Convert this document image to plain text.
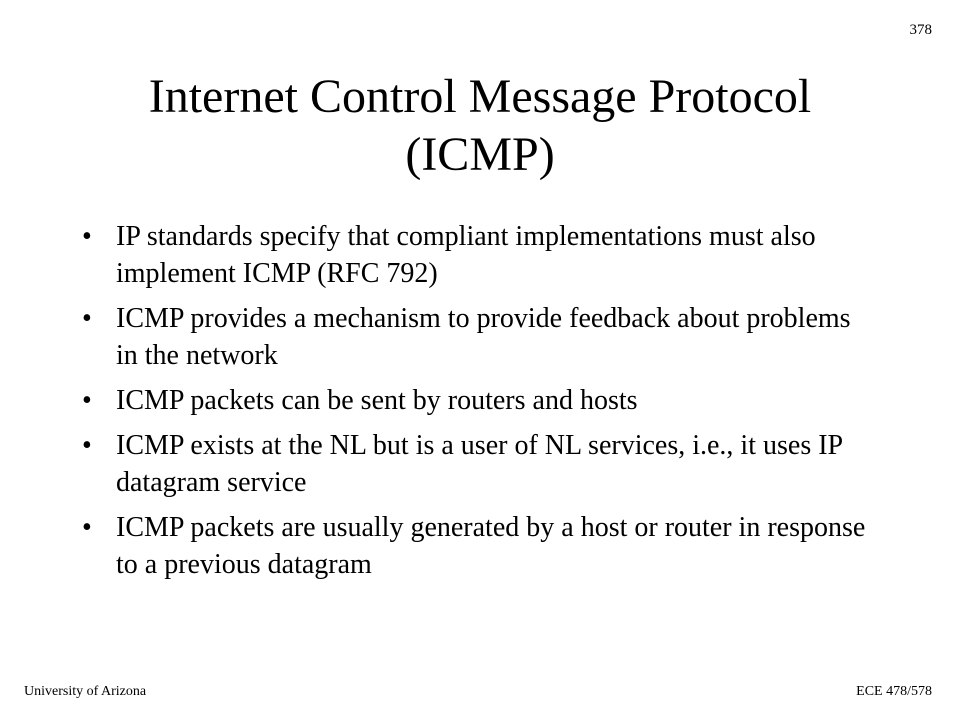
378
Internet Control Message Protocol
(ICMP)
• IP standards specify that compliant implementations must also implement ICMP (RFC 792)
• ICMP provides a mechanism to provide feedback about problems in the network
• ICMP packets can be sent by routers and hosts
• ICMP exists at the NL but is a user of NL services, i.e., it uses IP datagram service
• ICMP packets are usually generated by a host or router in response to a previous datagram
University of Arizona	ECE 478/578
